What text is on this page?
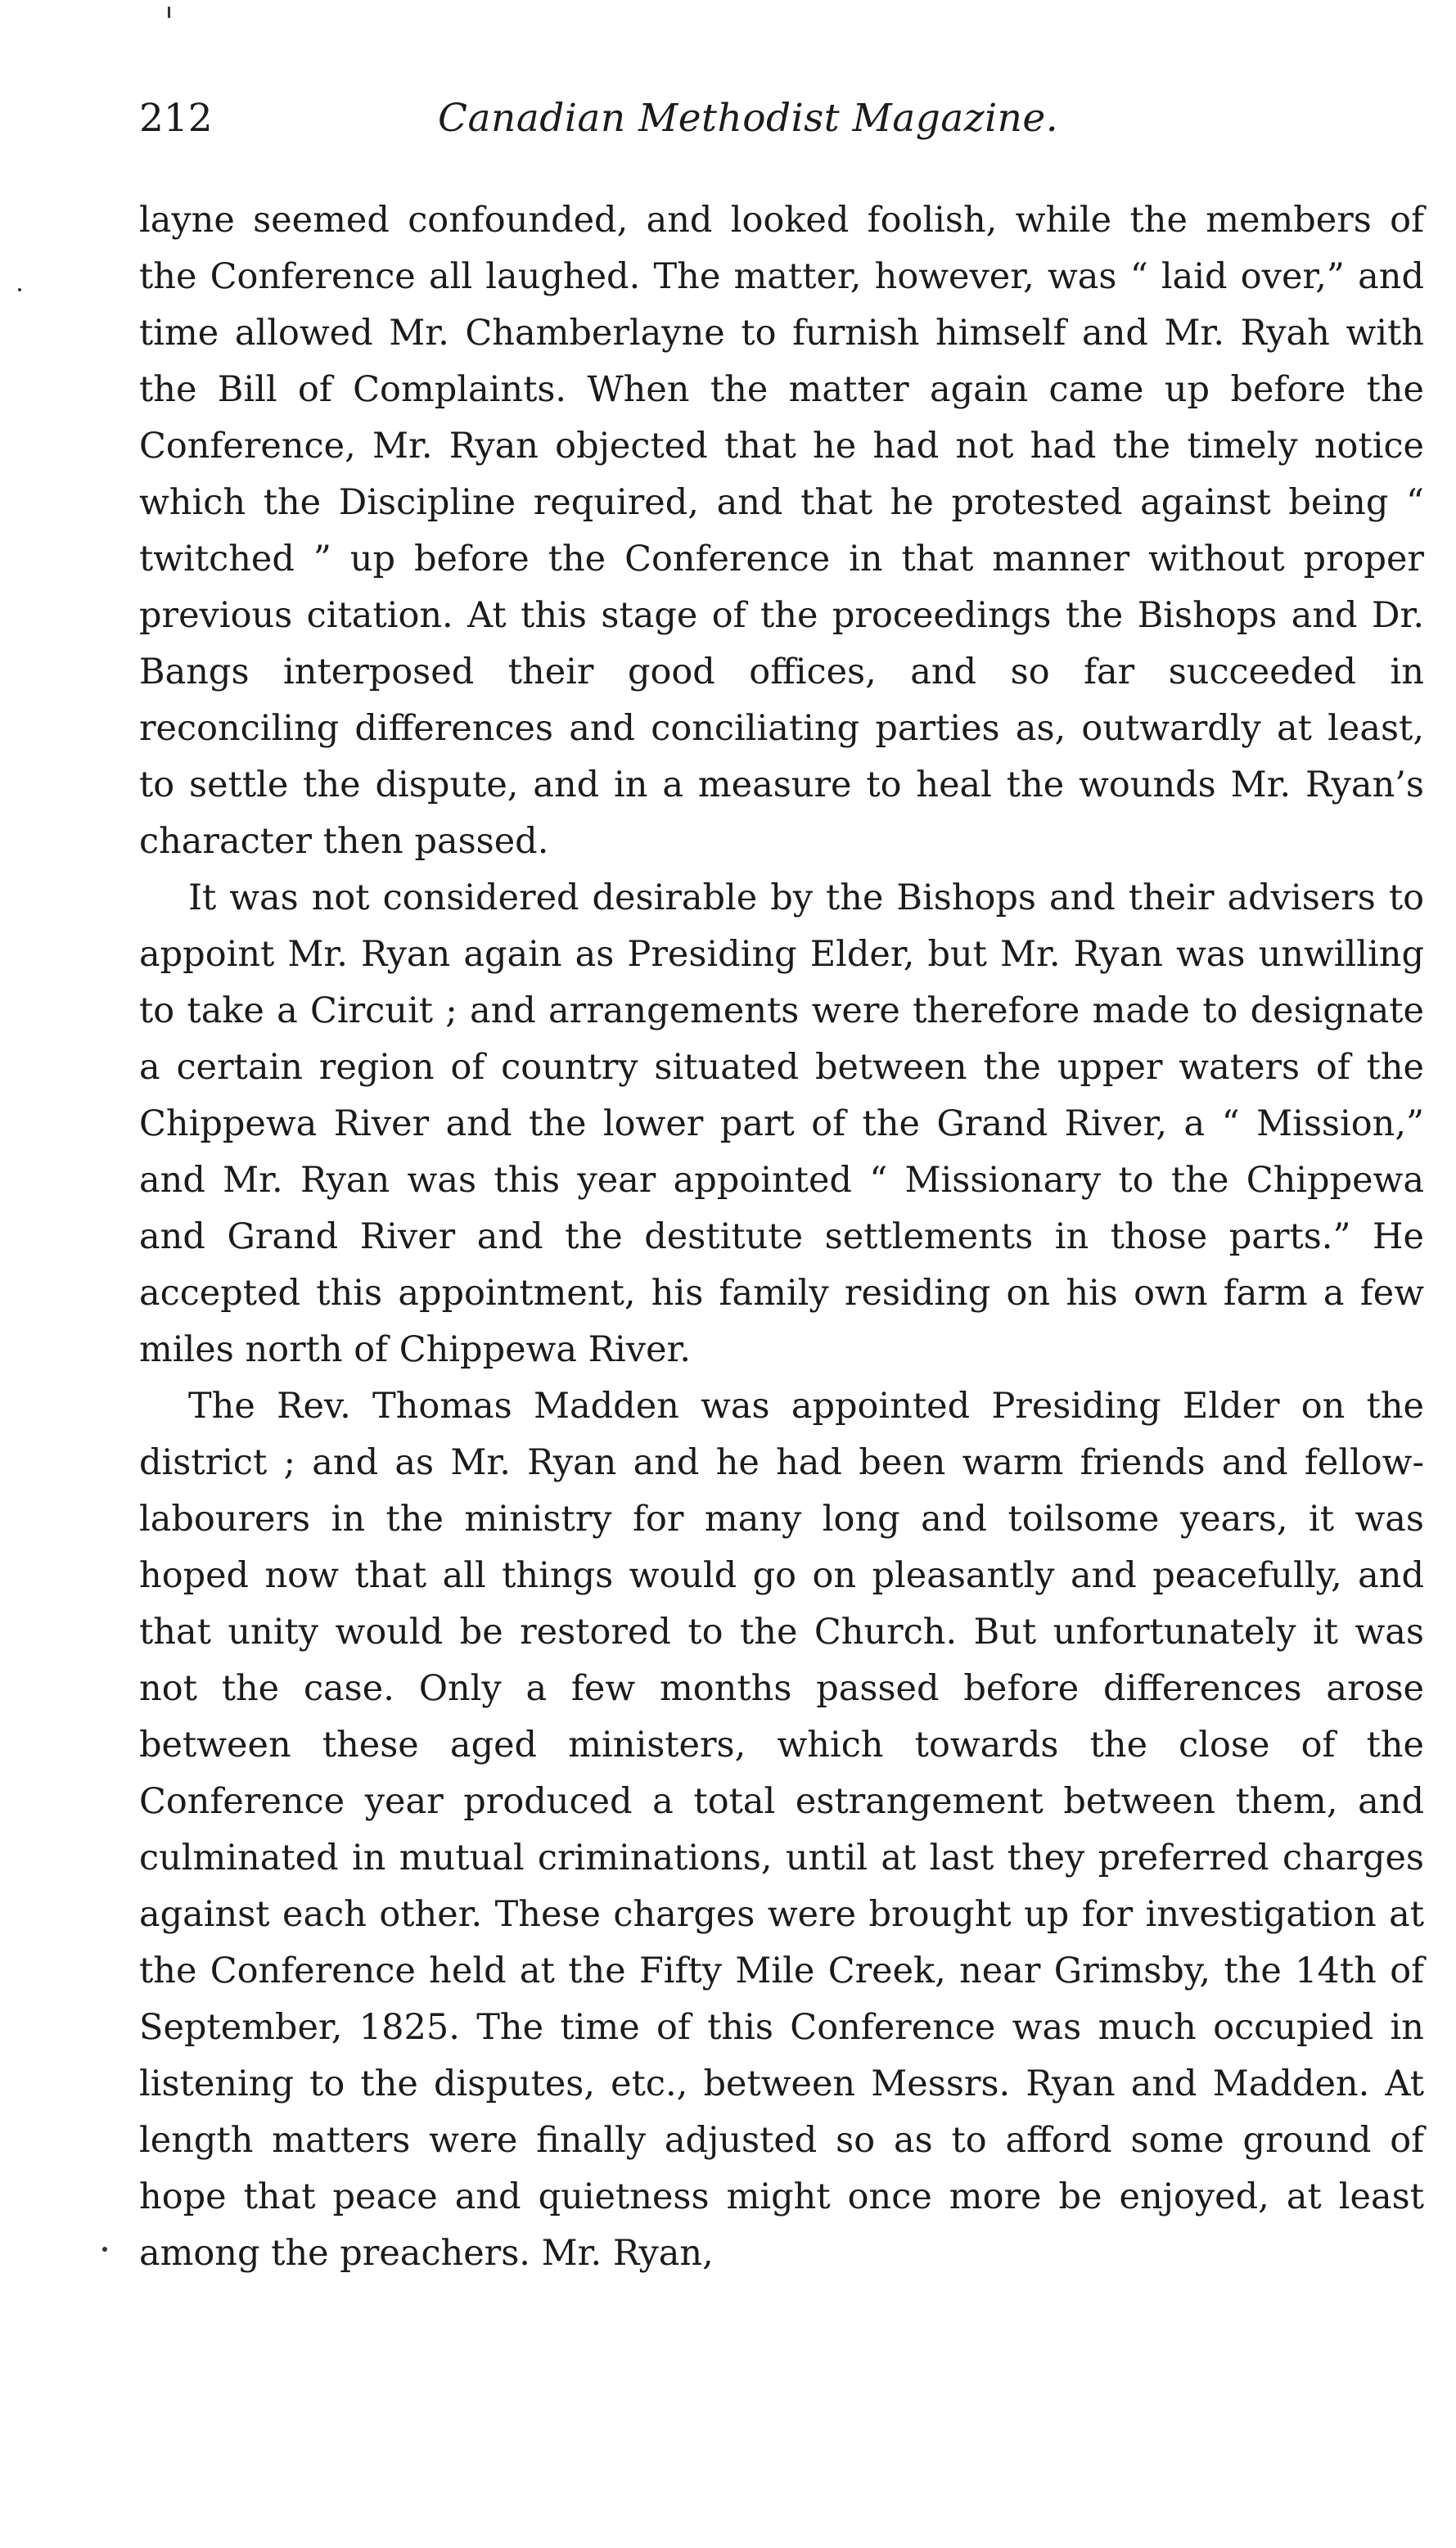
212	Canadian Methodist Magazine.

layne seemed confounded, and looked foolish, while the members of the Conference all laughed. The matter, however, was “ laid over,” and time allowed Mr. Chamberlayne to furnish himself and Mr. Ryah with the Bill of Complaints. When the matter again came up before the Conference, Mr. Ryan objected that he had not had the timely notice which the Discipline required, and that he protested against being “ twitched ” up before the Conference in that manner without proper previous citation. At this stage of the proceedings the Bishops and Dr. Bangs interposed their good offices, and so far succeeded in reconciling differences and conciliating parties as, outwardly at least, to settle the dispute, and in a measure to heal the wounds Mr. Ryan’s character then passed.

It was not considered desirable by the Bishops and their advisers to appoint Mr. Ryan again as Presiding Elder, but Mr. Ryan was unwilling to take a Circuit ; and arrangements were therefore made to designate a certain region of country situated between the upper waters of the Chippewa River and the lower part of the Grand River, a “ Mission,” and Mr. Ryan was this year appointed “ Missionary to the Chippewa and Grand River and the destitute settlements in those parts.” He accepted this appointment, his family residing on his own farm a few miles north of Chippewa River.

The Rev. Thomas Madden was appointed Presiding Elder on the district ; and as Mr. Ryan and he had been warm friends and fellow-labourers in the ministry for many long and toilsome years, it was hoped now that all things would go on pleasantly and peacefully, and that unity would be restored to the Church. But unfortunately it was not the case. Only a few months passed before differences arose between these aged ministers, which towards the close of the Conference year produced a total estrangement between them, and culminated in mutual criminations, until at last they preferred charges against each other. These charges were brought up for investigation at the Conference held at the Fifty Mile Creek, near Grimsby, the 14th of September, 1825. The time of this Conference was much occupied in listening to the disputes, etc., between Messrs. Ryan and Madden. At length matters were finally adjusted so as to afford some ground of hope that peace and quietness might once more be enjoyed, at least among the preachers. Mr. Ryan,
